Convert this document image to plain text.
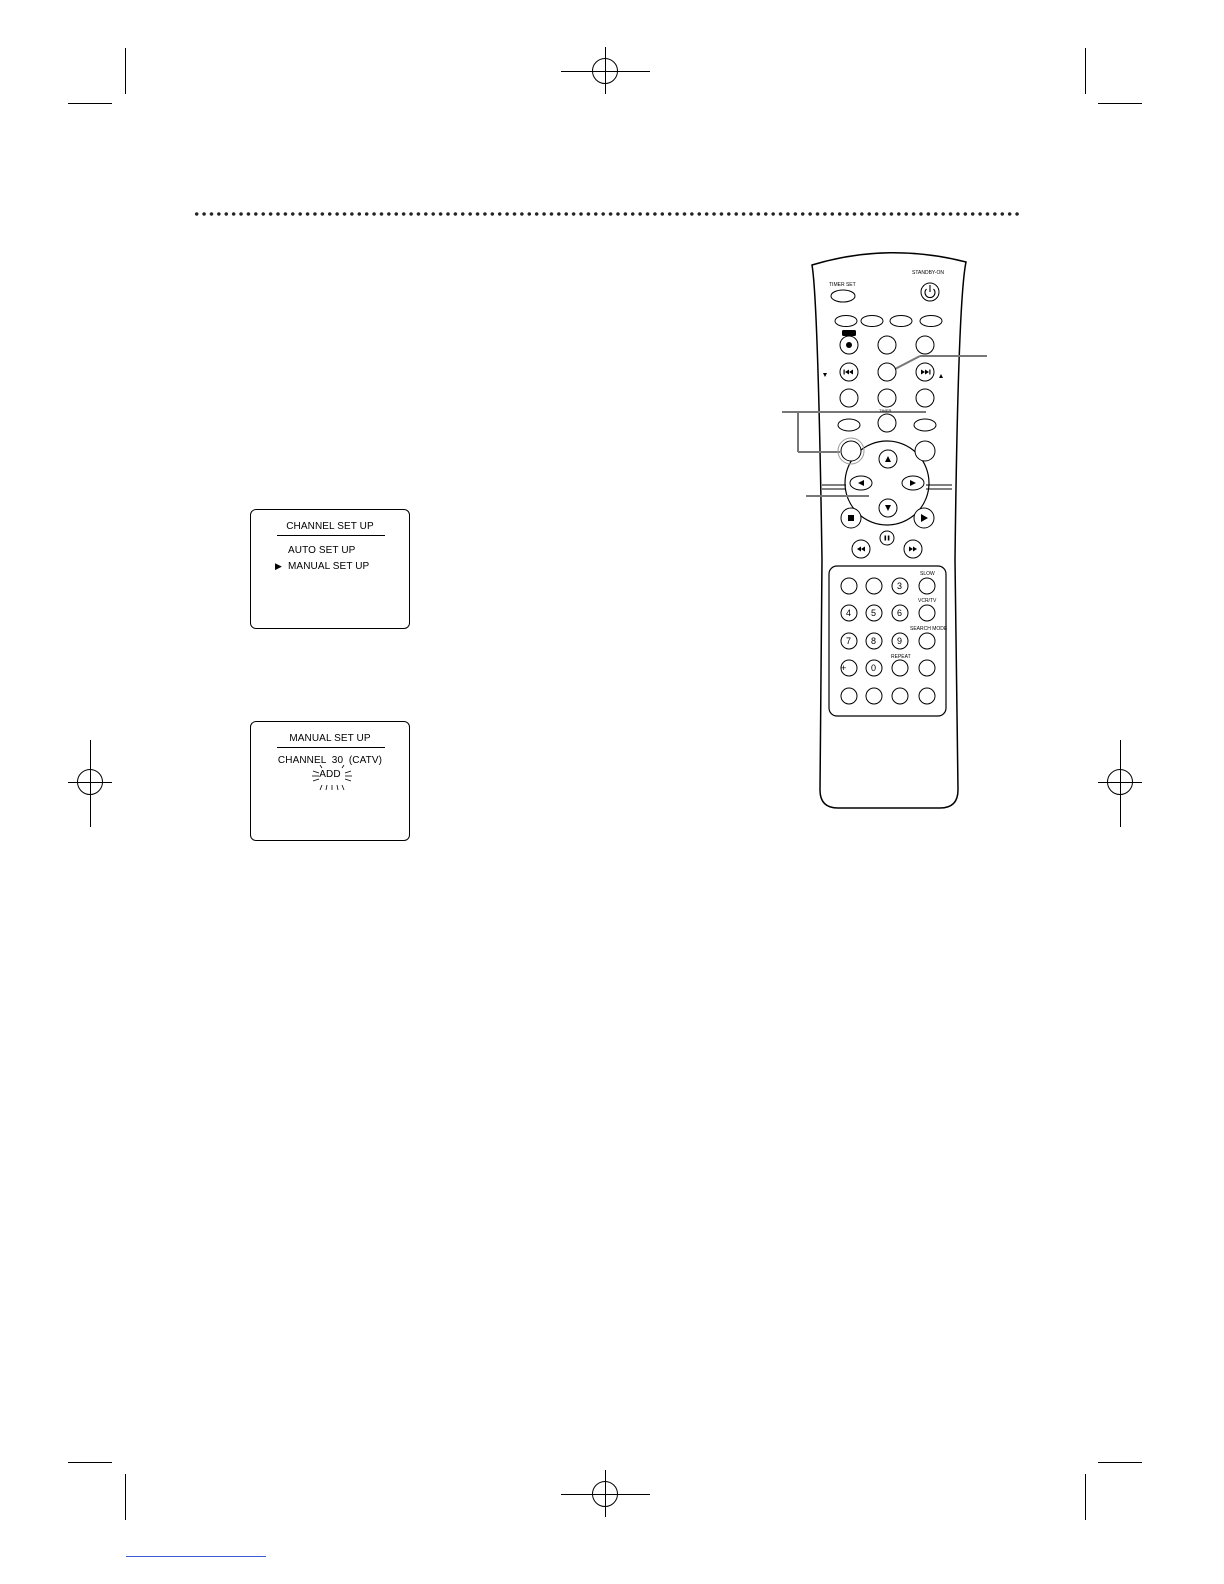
CHANNEL SET UP
AUTO SET UP
▶ MANUAL SET UP
MANUAL SET UP
CHANNEL  30  (CATV)
ADD
TIMER SET
STANDBY-ON
TIMER
SLOW
VCR/TV
SEARCH MODE
REPEAT
3
4 5 6
7 8 9
+	0
